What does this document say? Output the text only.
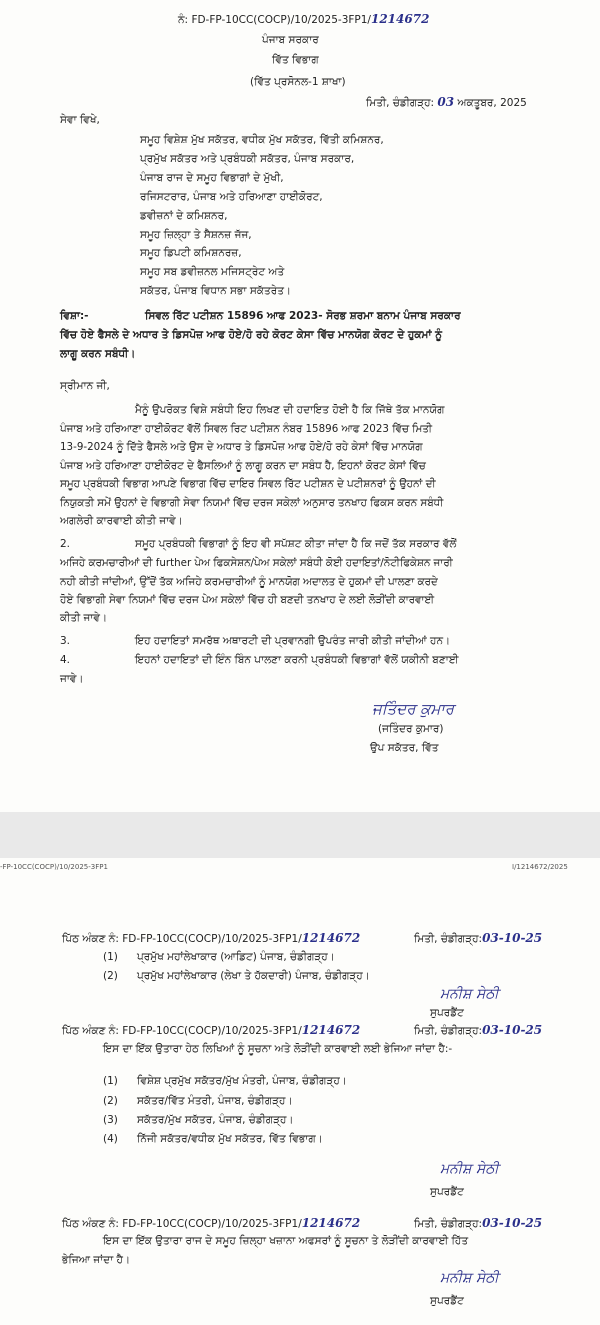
ਨੰ: FD-FP-10CC(COCP)/10/2025-3FP1/1214672
ਪੰਜਾਬ ਸਰਕਾਰ
ਵਿੱਤ ਵਿਭਾਗ
(ਵਿੱਤ ਪ੍ਰਸੋਨਲ-1 ਸ਼ਾਖਾ)
ਮਿਤੀ, ਚੰਡੀਗੜ੍ਹ: 03 ਅਕਤੂਬਰ, 2025
ਸੇਵਾ ਵਿਖੇ,
ਸਮੂਹ ਵਿਸ਼ੇਸ਼ ਮੁੱਖ ਸਕੱਤਰ, ਵਧੀਕ ਮੁੱਖ ਸਕੱਤਰ, ਵਿੱਤੀ ਕਮਿਸ਼ਨਰ,
ਪ੍ਰਮੁੱਖ ਸਕੱਤਰ ਅਤੇ ਪ੍ਰਬੰਧਕੀ ਸਕੱਤਰ, ਪੰਜਾਬ ਸਰਕਾਰ,
ਪੰਜਾਬ ਰਾਜ ਦੇ ਸਮੂਹ ਵਿਭਾਗਾਂ ਦੇ ਮੁੱਖੀ,
ਰਜਿਸਟਰਾਰ, ਪੰਜਾਬ ਅਤੇ ਹਰਿਆਣਾ ਹਾਈਕੋਰਟ,
ਡਵੀਜ਼ਨਾਂ ਦੇ ਕਮਿਸ਼ਨਰ,
ਸਮੂਹ ਜ਼ਿਲ੍ਹਾ ਤੇ ਸੈਸ਼ਨਜ਼ ਜੱਜ,
ਸਮੂਹ ਡਿਪਟੀ ਕਮਿਸ਼ਨਰਜ਼,
ਸਮੂਹ ਸਬ ਡਵੀਜ਼ਨਲ ਮਜਿਸਟ੍ਰੇਟ ਅਤੇ
ਸਕੱਤਰ, ਪੰਜਾਬ ਵਿਧਾਨ ਸਭਾ ਸਕੱਤਰੇਤ।
ਵਿਸ਼ਾ:-	ਸਿਵਲ ਰਿੱਟ ਪਟੀਸ਼ਨ 15896 ਆਫ 2023- ਸੋਰਭ ਸ਼ਰਮਾ ਬਨਾਮ ਪੰਜਾਬ ਸਰਕਾਰ
ਵਿੱਚ ਹੋਏ ਫੈਸਲੇ ਦੇ ਅਧਾਰ ਤੇ ਡਿਸਪੋਜ਼ ਆਫ ਹੋਏ/ਹੋ ਰਹੇ ਕੋਰਟ ਕੇਸਾ ਵਿੱਚ ਮਾਨਯੋਗ ਕੋਰਟ ਦੇ ਹੁਕਮਾਂ ਨੂੰ
ਲਾਗੂ ਕਰਨ ਸਬੰਧੀ।
ਸ੍ਰੀਮਾਨ ਜੀ,
ਮੈਨੂੰ ਉਪਰੋਕਤ ਵਿਸ਼ੇ ਸਬੰਧੀ ਇਹ ਲਿਖਣ ਦੀ ਹਦਾਇਤ ਹੋਈ ਹੈ ਕਿ ਜਿੱਥੇ ਤੱਕ ਮਾਨਯੋਗ
ਪੰਜਾਬ ਅਤੇ ਹਰਿਆਣਾ ਹਾਈਕੋਰਟ ਵੱਲੋਂ ਸਿਵਲ ਰਿਟ ਪਟੀਸ਼ਨ ਨੰਬਰ 15896 ਆਫ 2023 ਵਿੱਚ ਮਿਤੀ
13-9-2024 ਨੂੰ ਦਿੱਤੇ ਫੈਸਲੇ ਅਤੇ ਉਸ ਦੇ ਅਧਾਰ ਤੇ ਡਿਸਪੋਜ਼ ਆਫ ਹੋਏ/ਹੋ ਰਹੇ ਕੇਸਾਂ ਵਿੱਚ ਮਾਨਯੋਗ
ਪੰਜਾਬ ਅਤੇ ਹਰਿਆਣਾ ਹਾਈਕੋਰਟ ਦੇ ਫੈਸਲਿਆਂ ਨੂੰ ਲਾਗੂ ਕਰਨ ਦਾ ਸਬੰਧ ਹੈ, ਇਹਨਾਂ ਕੋਰਟ ਕੇਸਾਂ ਵਿੱਚ
ਸਮੂਹ ਪ੍ਰਬੰਧਕੀ ਵਿਭਾਗ ਆਪਣੇ ਵਿਭਾਗ ਵਿੱਚ ਦਾਇਰ ਸਿਵਲ ਰਿੱਟ ਪਟੀਸ਼ਨ ਦੇ ਪਟੀਸ਼ਨਰਾਂ ਨੂੰ ਉਹਨਾਂ ਦੀ
ਨਿਯੁਕਤੀ ਸਮੇਂ ਉਹਨਾਂ ਦੇ ਵਿਭਾਗੀ ਸੇਵਾ ਨਿਯਮਾਂ ਵਿੱਚ ਦਰਜ ਸਕੇਲਾਂ ਅਨੁਸਾਰ ਤਨਖਾਹ ਫਿਕਸ ਕਰਨ ਸਬੰਧੀ
ਅਗਲੇਰੀ ਕਾਰਵਾਈ ਕੀਤੀ ਜਾਵੇ।
2.	ਸਮੂਹ ਪ੍ਰਬੰਧਕੀ ਵਿਭਾਗਾਂ ਨੂੰ ਇਹ ਵੀ ਸਪੱਸ਼ਟ ਕੀਤਾ ਜਾਂਦਾ ਹੈ ਕਿ ਜਦੋਂ ਤੱਕ ਸਰਕਾਰ ਵੱਲੋਂ
ਅਜਿਹੇ ਕਰਮਚਾਰੀਆਂ ਦੀ further ਪੇਅ ਫਿਕਸੇਸ਼ਨ/ਪੇਅ ਸਕੇਲਾਂ ਸਬੰਧੀ ਕੋਈ ਹਦਾਇਤਾਂ/ਨੋਟੀਫਿਕੇਸ਼ਨ ਜਾਰੀ
ਨਹੀ ਕੀਤੀ ਜਾਂਦੀਆਂ, ਉੱਦੋਂ ਤੱਕ ਅਜਿਹੇ ਕਰਮਚਾਰੀਆਂ ਨੂੰ ਮਾਨਯੋਗ ਅਦਾਲਤ ਦੇ ਹੁਕਮਾਂ ਦੀ ਪਾਲਣਾ ਕਰਦੇ
ਹੋਏ ਵਿਭਾਗੀ ਸੇਵਾ ਨਿਯਮਾਂ ਵਿੱਚ ਦਰਜ ਪੇਅ ਸਕੇਲਾਂ ਵਿੱਚ ਹੀ ਬਣਦੀ ਤਨਖਾਹ ਦੇ ਲਈ ਲੋੜੀਂਦੀ ਕਾਰਵਾਈ
ਕੀਤੀ ਜਾਵੇ।
3.	ਇਹ ਹਦਾਇਤਾਂ ਸਮਰੱਥ ਅਥਾਰਟੀ ਦੀ ਪ੍ਰਵਾਨਗੀ ਉਪਰੰਤ ਜਾਰੀ ਕੀਤੀ ਜਾਂਦੀਆਂ ਹਨ।
4.	ਇਹਨਾਂ ਹਦਾਇਤਾਂ ਦੀ ਇੰਨ ਬਿੰਨ ਪਾਲਣਾ ਕਰਨੀ ਪ੍ਰਬੰਧਕੀ ਵਿਭਾਗਾਂ ਵੱਲੋਂ ਯਕੀਨੀ ਬਣਾਈ
ਜਾਵੇ।
ਜਤਿੰਦਰ ਕੁਮਾਰ
(ਜਤਿੰਦਰ ਕੁਮਾਰ)
ਉਪ ਸਕੱਤਰ, ਵਿੱਤ
-FP-10CC(COCP)/10/2025-3FP1	I/1214672/2025
ਪਿੱਠ ਅੰਕਣ ਨੰ: FD-FP-10CC(COCP)/10/2025-3FP1/1214672	ਮਿਤੀ, ਚੰਡੀਗੜ੍ਹ:03-10-25
(1) ਪ੍ਰਮੁੱਖ ਮਹਾਂਲੇਖਾਕਾਰ (ਆਡਿਟ) ਪੰਜਾਬ, ਚੰਡੀਗੜ੍ਹ।
(2) ਪ੍ਰਮੁੱਖ ਮਹਾਂਲੇਖਾਕਾਰ (ਲੇਖਾ ਤੇ ਹੱਕਦਾਰੀ) ਪੰਜਾਬ, ਚੰਡੀਗੜ੍ਹ।
ਮਨੀਸ਼ ਸੇਠੀ
ਸੁਪਰਡੈਂਟ
ਪਿੱਠ ਅੰਕਣ ਨੰ: FD-FP-10CC(COCP)/10/2025-3FP1/1214672	ਮਿਤੀ, ਚੰਡੀਗੜ੍ਹ:03-10-25
ਇਸ ਦਾ ਇੱਕ ਉਤਾਰਾ ਹੇਠ ਲਿਖਿਆਂ ਨੂੰ ਸੂਚਨਾ ਅਤੇ ਲੋੜੀਂਦੀ ਕਾਰਵਾਈ ਲਈ ਭੇਜਿਆ ਜਾਂਦਾ ਹੈ:-
(1) ਵਿਸ਼ੇਸ਼ ਪ੍ਰਮੁੱਖ ਸਕੱਤਰ/ਮੁੱਖ ਮੰਤਰੀ, ਪੰਜਾਬ, ਚੰਡੀਗੜ੍ਹ।
(2) ਸਕੱਤਰ/ਵਿੱਤ ਮੰਤਰੀ, ਪੰਜਾਬ, ਚੰਡੀਗੜ੍ਹ।
(3) ਸਕੱਤਰ/ਮੁੱਖ ਸਕੱਤਰ, ਪੰਜਾਬ, ਚੰਡੀਗੜ੍ਹ।
(4) ਨਿੱਜੀ ਸਕੱਤਰ/ਵਧੀਕ ਮੁੱਖ ਸਕੱਤਰ, ਵਿੱਤ ਵਿਭਾਗ।
ਮਨੀਸ਼ ਸੇਠੀ
ਸੁਪਰਡੈਂਟ
ਪਿੱਠ ਅੰਕਣ ਨੰ: FD-FP-10CC(COCP)/10/2025-3FP1/1214672	ਮਿਤੀ, ਚੰਡੀਗੜ੍ਹ:03-10-25
ਇਸ ਦਾ ਇੱਕ ਉਤਾਰਾ ਰਾਜ ਦੇ ਸਮੂਹ ਜ਼ਿਲ੍ਹਾ ਖਜ਼ਾਨਾ ਅਫਸਰਾਂ ਨੂੰ ਸੂਚਨਾ ਤੇ ਲੋੜੀਂਦੀ ਕਾਰਵਾਈ ਹਿੱਤ
ਭੇਜਿਆ ਜਾਂਦਾ ਹੈ।
ਮਨੀਸ਼ ਸੇਠੀ
ਸੁਪਰਡੈਂਟ
